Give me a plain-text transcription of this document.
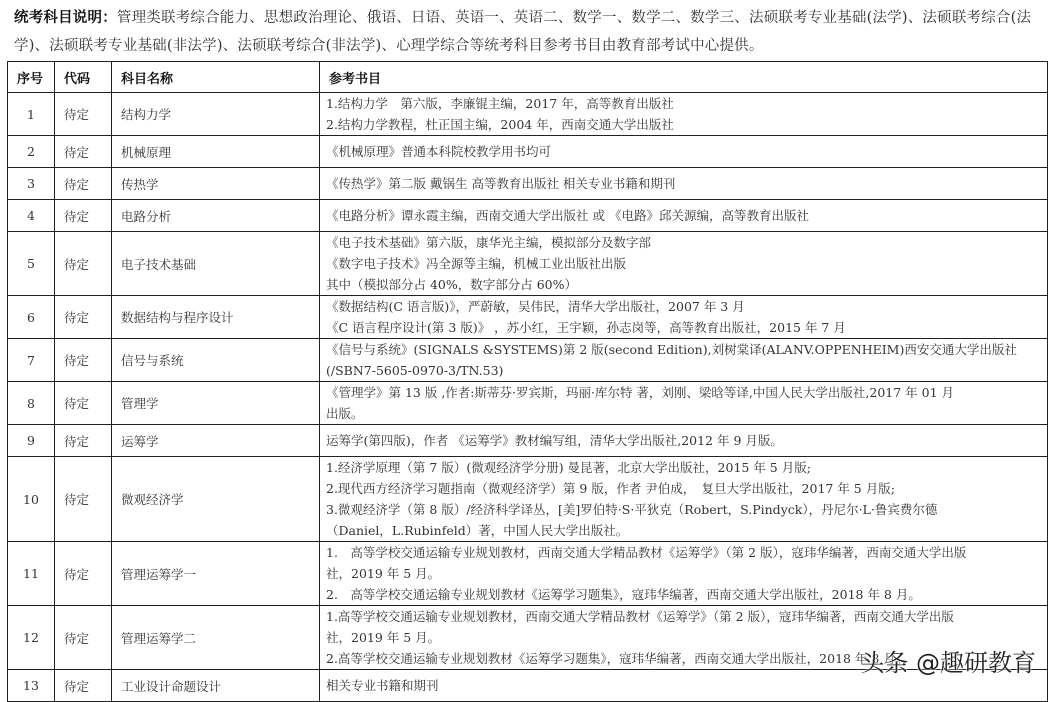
统考科目说明：管理类联考综合能力、思想政治理论、俄语、日语、英语一、英语二、数学一、数学二、数学三、法硕联考专业基础(法学)、法硕联考综合(法学)、法硕联考专业基础(非法学)、法硕联考综合(非法学)、心理学综合等统考科目参考书目由教育部考试中心提供。
序号	代码	科目名称	参考书目
1	待定	结构力学	1.结构力学　第六版，李廉锟主编，2017 年，高等教育出版社
2.结构力学教程，杜正国主编，2004 年，西南交通大学出版社

2	待定	机械原理	《机械原理》普通本科院校教学用书均可

3	待定	传热学	《传热学》第二版 戴锅生 高等教育出版社 相关专业书籍和期刊

4	待定	电路分析	《电路分析》谭永霞主编，西南交通大学出版社 或 《电路》邱关源编，高等教育出版社

5	待定	电子技术基础	《电子技术基础》第六版，康华光主编，模拟部分及数字部
《数字电子技术》冯全源等主编，机械工业出版社出版
其中（模拟部分占 40%，数字部分占 60%）

6	待定	数据结构与程序设计	《数据结构(C 语言版)》，严蔚敏，吴伟民，清华大学出版社，2007 年 3 月
《C 语言程序设计(第 3 版)》 ，苏小红，王宇颖，孙志岗等，高等教育出版社，2015 年 7 月

7	待定	信号与系统	《信号与系统》(SIGNALS &SYSTEMS)第 2 版(second Edition),刘树棠译(ALANV.OPPENHEIM)西安交通大学出版社
(/SBN7-5605-0970-3/TN.53)

8	待定	管理学	《管理学》第 13 版 ,作者:斯蒂芬·罗宾斯，玛丽·库尔特 著，刘刚、梁晗等译,中国人民大学出版社,2017 年 01 月
出版。

9	待定	运筹学	运筹学(第四版)，作者 《运筹学》教材编写组，清华大学出版社,2012 年 9 月版。

10	待定	微观经济学	1.经济学原理（第 7 版）(微观经济学分册) 曼昆著，北京大学出版社，2015 年 5 月版;
2.现代西方经济学习题指南（微观经济学）第 9 版，作者 尹伯成，　复旦大学出版社，2017 年 5 月版;
3.微观经济学（第 8 版）/经济科学译丛，[美]罗伯特·S·平狄克（Robert，S.Pindyck），丹尼尔·L·鲁宾费尔德
（Daniel，L.Rubinfeld）著，中国人民大学出版社。

11	待定	管理运筹学一	1.　高等学校交通运输专业规划教材，西南交通大学精品教材《运筹学》（第 2 版），寇玮华编著，西南交通大学出版
社，2019 年 5 月。
2.　高等学校交通运输专业规划教材《运筹学习题集》，寇玮华编著，西南交通大学出版社，2018 年 8 月。

12	待定	管理运筹学二	1.高等学校交通运输专业规划教材，西南交通大学精品教材《运筹学》（第 2 版），寇玮华编著，西南交通大学出版
社，2019 年 5 月。
2.高等学校交通运输专业规划教材《运筹学习题集》，寇玮华编著，西南交通大学出版社，2018 年 8 月。

13	待定	工业设计命题设计	相关专业书籍和期刊
头条 @趣研教育
